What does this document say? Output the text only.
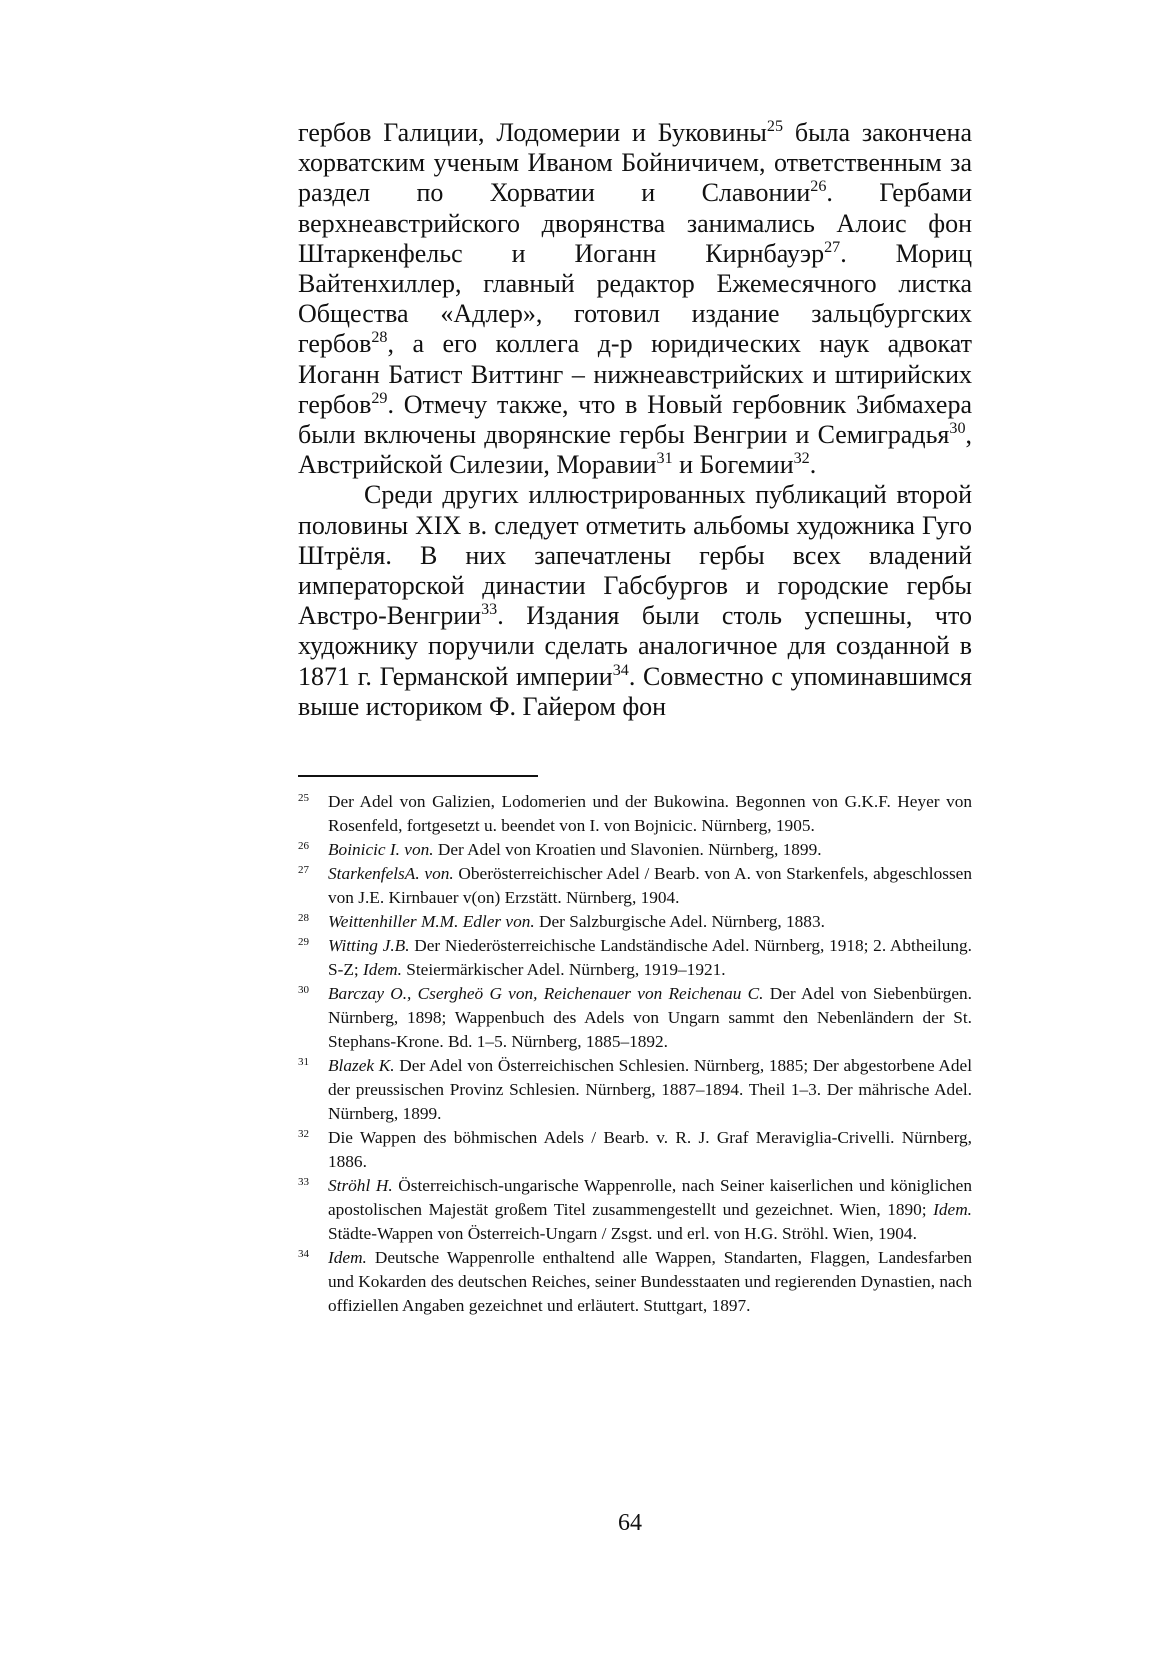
гербов Галиции, Лодомерии и Буковины$^{25}$ была закончена хорватским ученым Иваном Бойничичем, ответственным за раздел по Хорватии и Славонии$^{26}$. Гербами верхнеавстрийского дворянства занимались Алоис фон Штаркенфельс и Иоганн Кирнбауэр$^{27}$. Мориц Вайтенхиллер, главный редактор Ежемесячного листка Общества «Адлер», готовил издание зальцбургских гербов$^{28}$, а его коллега д-р юридических наук адвокат Иоганн Батист Виттинг – нижнеавстрийских и штирийских гербов$^{29}$. Отмечу также, что в Новый гербовник Зибмахера были включены дворянские гербы Венгрии и Семиградья$^{30}$, Австрийской Силезии, Моравии$^{31}$ и Богемии$^{32}$.

Среди других иллюстрированных публикаций второй половины XIX в. следует отметить альбомы художника Гуго Штрёля. В них запечатлены гербы всех владений императорской династии Габсбургов и городские гербы Австро-Венгрии$^{33}$. Издания были столь успешны, что художнику поручили сделать аналогичное для созданной в 1871 г. Германской империи$^{34}$. Совместно с упоминавшимся выше историком Ф. Гайером фон

25	Der Adel von Galizien, Lodomerien und der Bukowina. Begonnen von G.K.F. Heyer von Rosenfeld, fortgesetzt u. beendet von I. von Bojnicic. Nürnberg, 1905.
26	Boinicic I. von. Der Adel von Kroatien und Slavonien. Nürnberg, 1899.
27	StarkenfelsA. von. Oberösterreichischer Adel / Bearb. von A. von Starkenfels, abgeschlossen von J.E. Kirnbauer v(on) Erzstätt. Nürnberg, 1904.
28	Weittenhiller M.M. Edler von. Der Salzburgische Adel. Nürnberg, 1883.
29	Witting J.B. Der Niederösterreichische Landständische Adel. Nürnberg, 1918; 2. Abtheilung. S-Z; Idem. Steiermärkischer Adel. Nürnberg, 1919–1921.
30	Barczay O., Csergheö G von, Reichenauer von Reichenau C. Der Adel von Siebenbürgen. Nürnberg, 1898; Wappenbuch des Adels von Ungarn sammt den Nebenländern der St. Stephans-Krone. Bd. 1–5. Nürnberg, 1885–1892.
31	Blazek K. Der Adel von Österreichischen Schlesien. Nürnberg, 1885; Der abgestorbene Adel der preussischen Provinz Schlesien. Nürnberg, 1887–1894. Theil 1–3. Der mährische Adel. Nürnberg, 1899.
32	Die Wappen des böhmischen Adels / Bearb. v. R. J. Graf Meraviglia-Crivelli. Nürnberg, 1886.
33	Ströhl H. Österreichisch-ungarische Wappenrolle, nach Seiner kaiserlichen und königlichen apostolischen Majestät großem Titel zusammengestellt und gezeichnet. Wien, 1890; Idem. Städte-Wappen von Österreich-Ungarn / Zsgst. und erl. von H.G. Ströhl. Wien, 1904.
34	Idem. Deutsche Wappenrolle enthaltend alle Wappen, Standarten, Flaggen, Landesfarben und Kokarden des deutschen Reiches, seiner Bundesstaaten und regierenden Dynastien, nach offiziellen Angaben gezeichnet und erläutert. Stuttgart, 1897.
64
